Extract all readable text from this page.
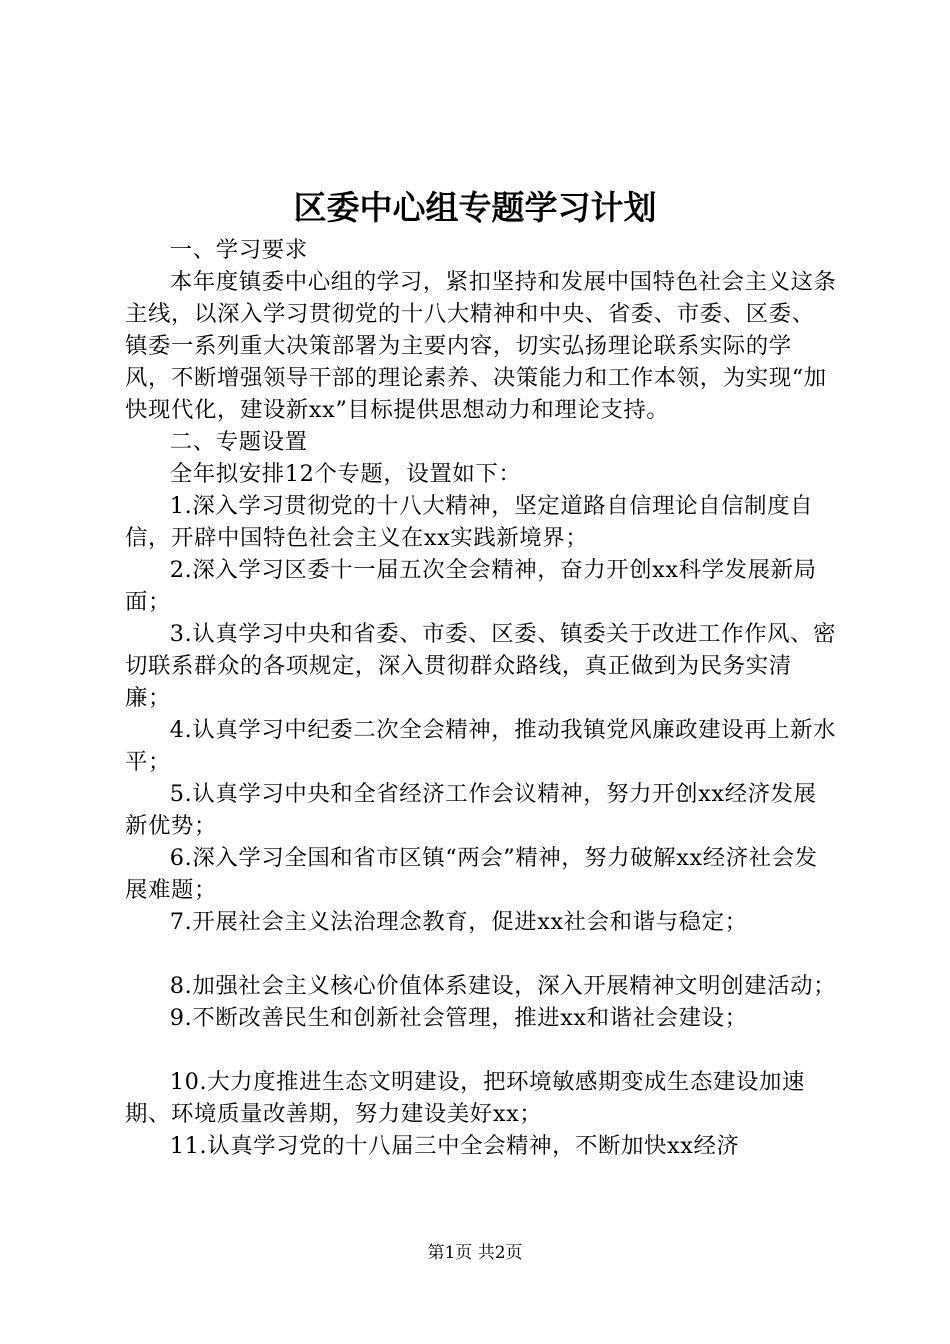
区委中心组专题学习计划

一、学习要求

本年度镇委中心组的学习，紧扣坚持和发展中国特色社会主义这条主线，以深入学习贯彻党的十八大精神和中央、省委、市委、区委、镇委一系列重大决策部署为主要内容，切实弘扬理论联系实际的学风，不断增强领导干部的理论素养、决策能力和工作本领，为实现“加快现代化，建设新xx”目标提供思想动力和理论支持。

二、专题设置

全年拟安排12个专题，设置如下：

1.深入学习贯彻党的十八大精神，坚定道路自信理论自信制度自信，开辟中国特色社会主义在xx实践新境界；

2.深入学习区委十一届五次全会精神，奋力开创xx科学发展新局面；

3.认真学习中央和省委、市委、区委、镇委关于改进工作作风、密切联系群众的各项规定，深入贯彻群众路线，真正做到为民务实清廉；

4.认真学习中纪委二次全会精神，推动我镇党风廉政建设再上新水平；

5.认真学习中央和全省经济工作会议精神，努力开创xx经济发展新优势；

6.深入学习全国和省市区镇“两会”精神，努力破解xx经济社会发展难题；

7.开展社会主义法治理念教育，促进xx社会和谐与稳定；

8.加强社会主义核心价值体系建设，深入开展精神文明创建活动；

9.不断改善民生和创新社会管理，推进xx和谐社会建设；

10.大力度推进生态文明建设，把环境敏感期变成生态建设加速期、环境质量改善期，努力建设美好xx；

11.认真学习党的十八届三中全会精神，不断加快xx经济

第1页 共2页
